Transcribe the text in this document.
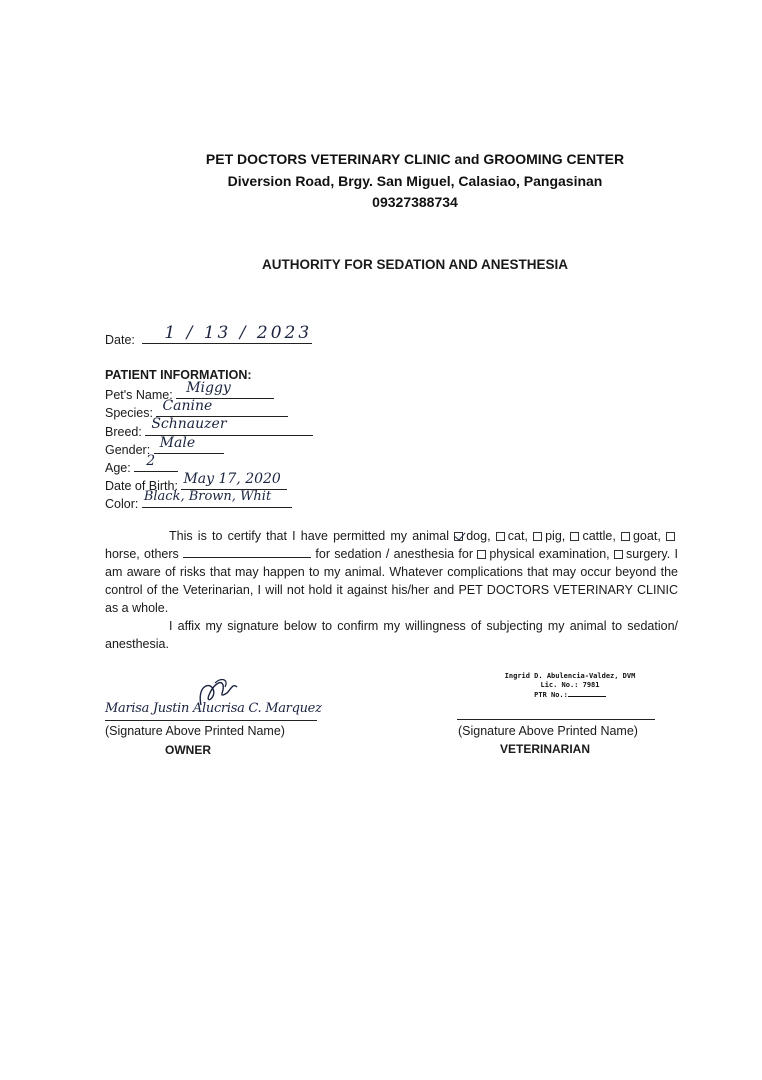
PET DOCTORS VETERINARY CLINIC and GROOMING CENTER
Diversion Road, Brgy. San Miguel, Calasiao, Pangasinan
09327388734
AUTHORITY FOR SEDATION AND ANESTHESIA
Date: 1 / 13 / 2023
PATIENT INFORMATION:
Pet's Name: Miggy
Species: Canine
Breed: Schnauzer
Gender: Male
Age: 2
Date of Birth: May 17, 2020
Color:
Black, Brown, Whit

This is to certify that I have permitted my animal dog, cat, pig, cattle, goat, horse, others	for sedation / anesthesia for physical examination, surgery. I am aware of risks that may happen to my animal. Whatever complications that may occur beyond the control of the Veterinarian, I will not hold it against his/her and PET DOCTORS VETERINARY CLINIC as a whole.

I affix my signature below to confirm my willingness of subjecting my animal to sedation/ anesthesia.

Marisa Justin Alucrisa C. Marquez
(Signature Above Printed Name)
OWNER
Ingrid D. Abulencia-Valdez, DVM
Lic. No.: 7981
PTR No.:
(Signature Above Printed Name)
VETERINARIAN
